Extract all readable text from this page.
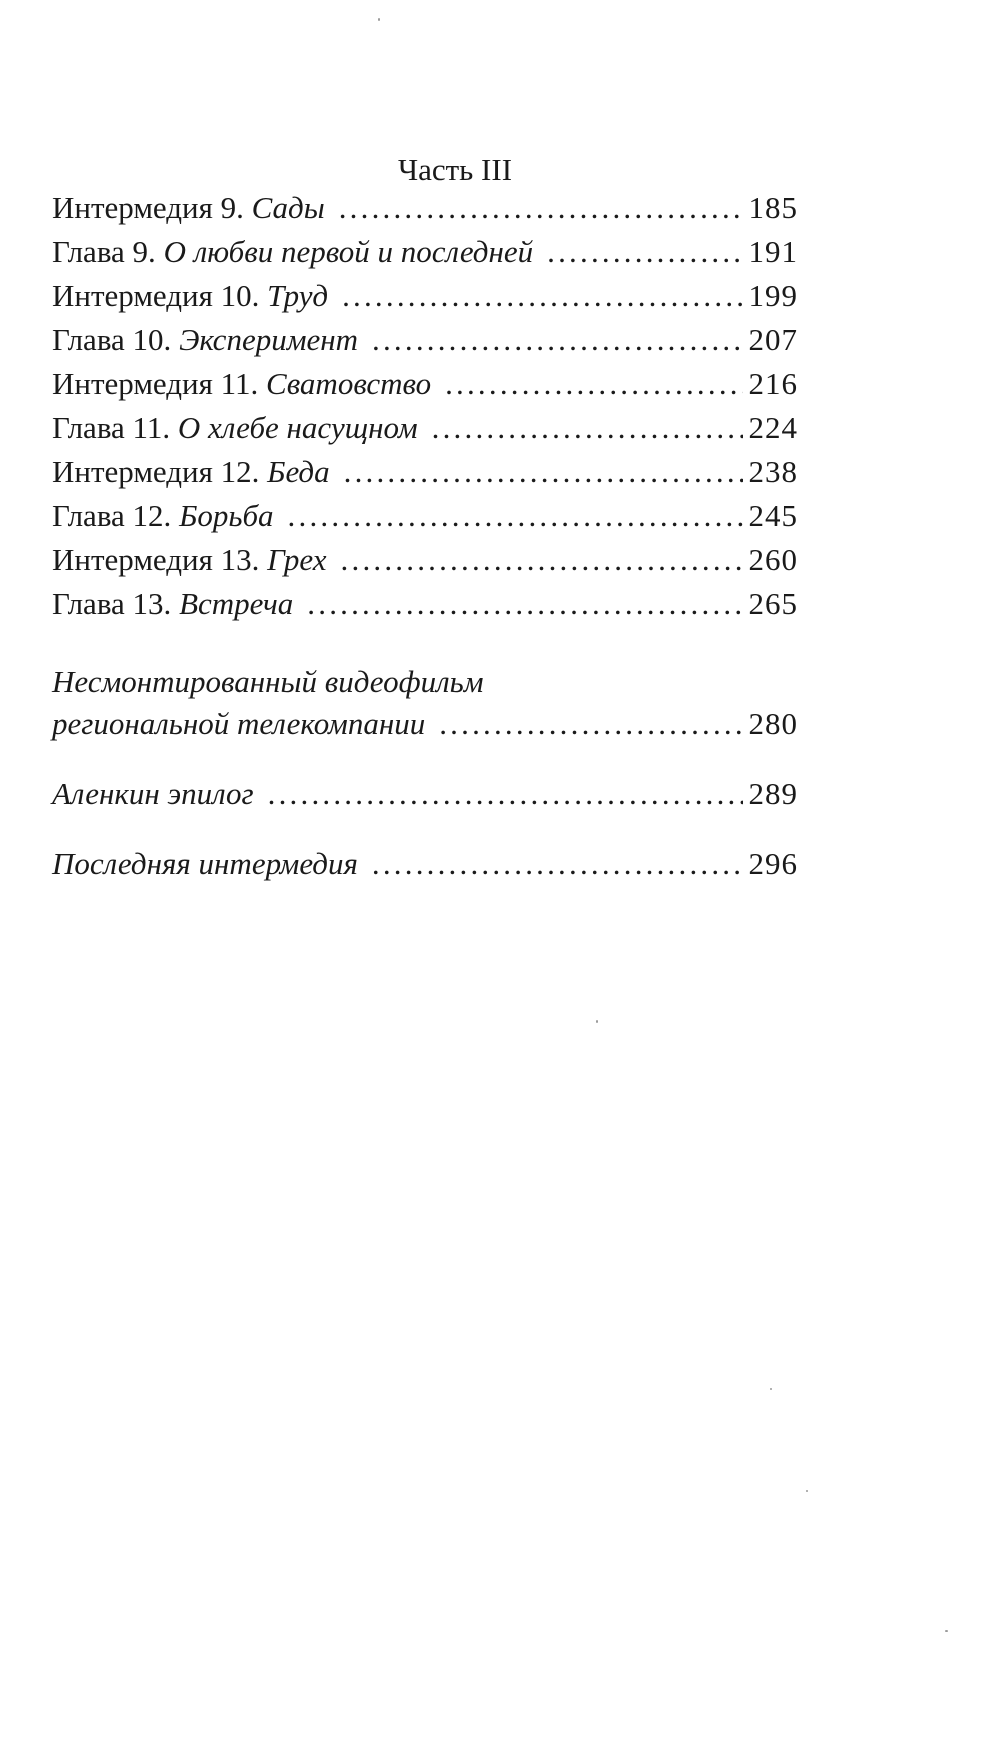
Часть III
Интермедия 9. Сады .....	185
Глава 9. О любви первой и последней .....	191
Интермедия 10. Труд .....	199
Глава 10. Эксперимент .....	207
Интермедия 11. Сватовство .....	216
Глава 11. О хлебе насущном .....	224
Интермедия 12. Беда .....	238
Глава 12. Борьба .....	245
Интермедия 13. Грех .....	260
Глава 13. Встреча .....	265
Несмонтированный видеофильм
региональной телекомпании .....	280
Аленкин эпилог .....	289
Последняя интермедия .....	296
